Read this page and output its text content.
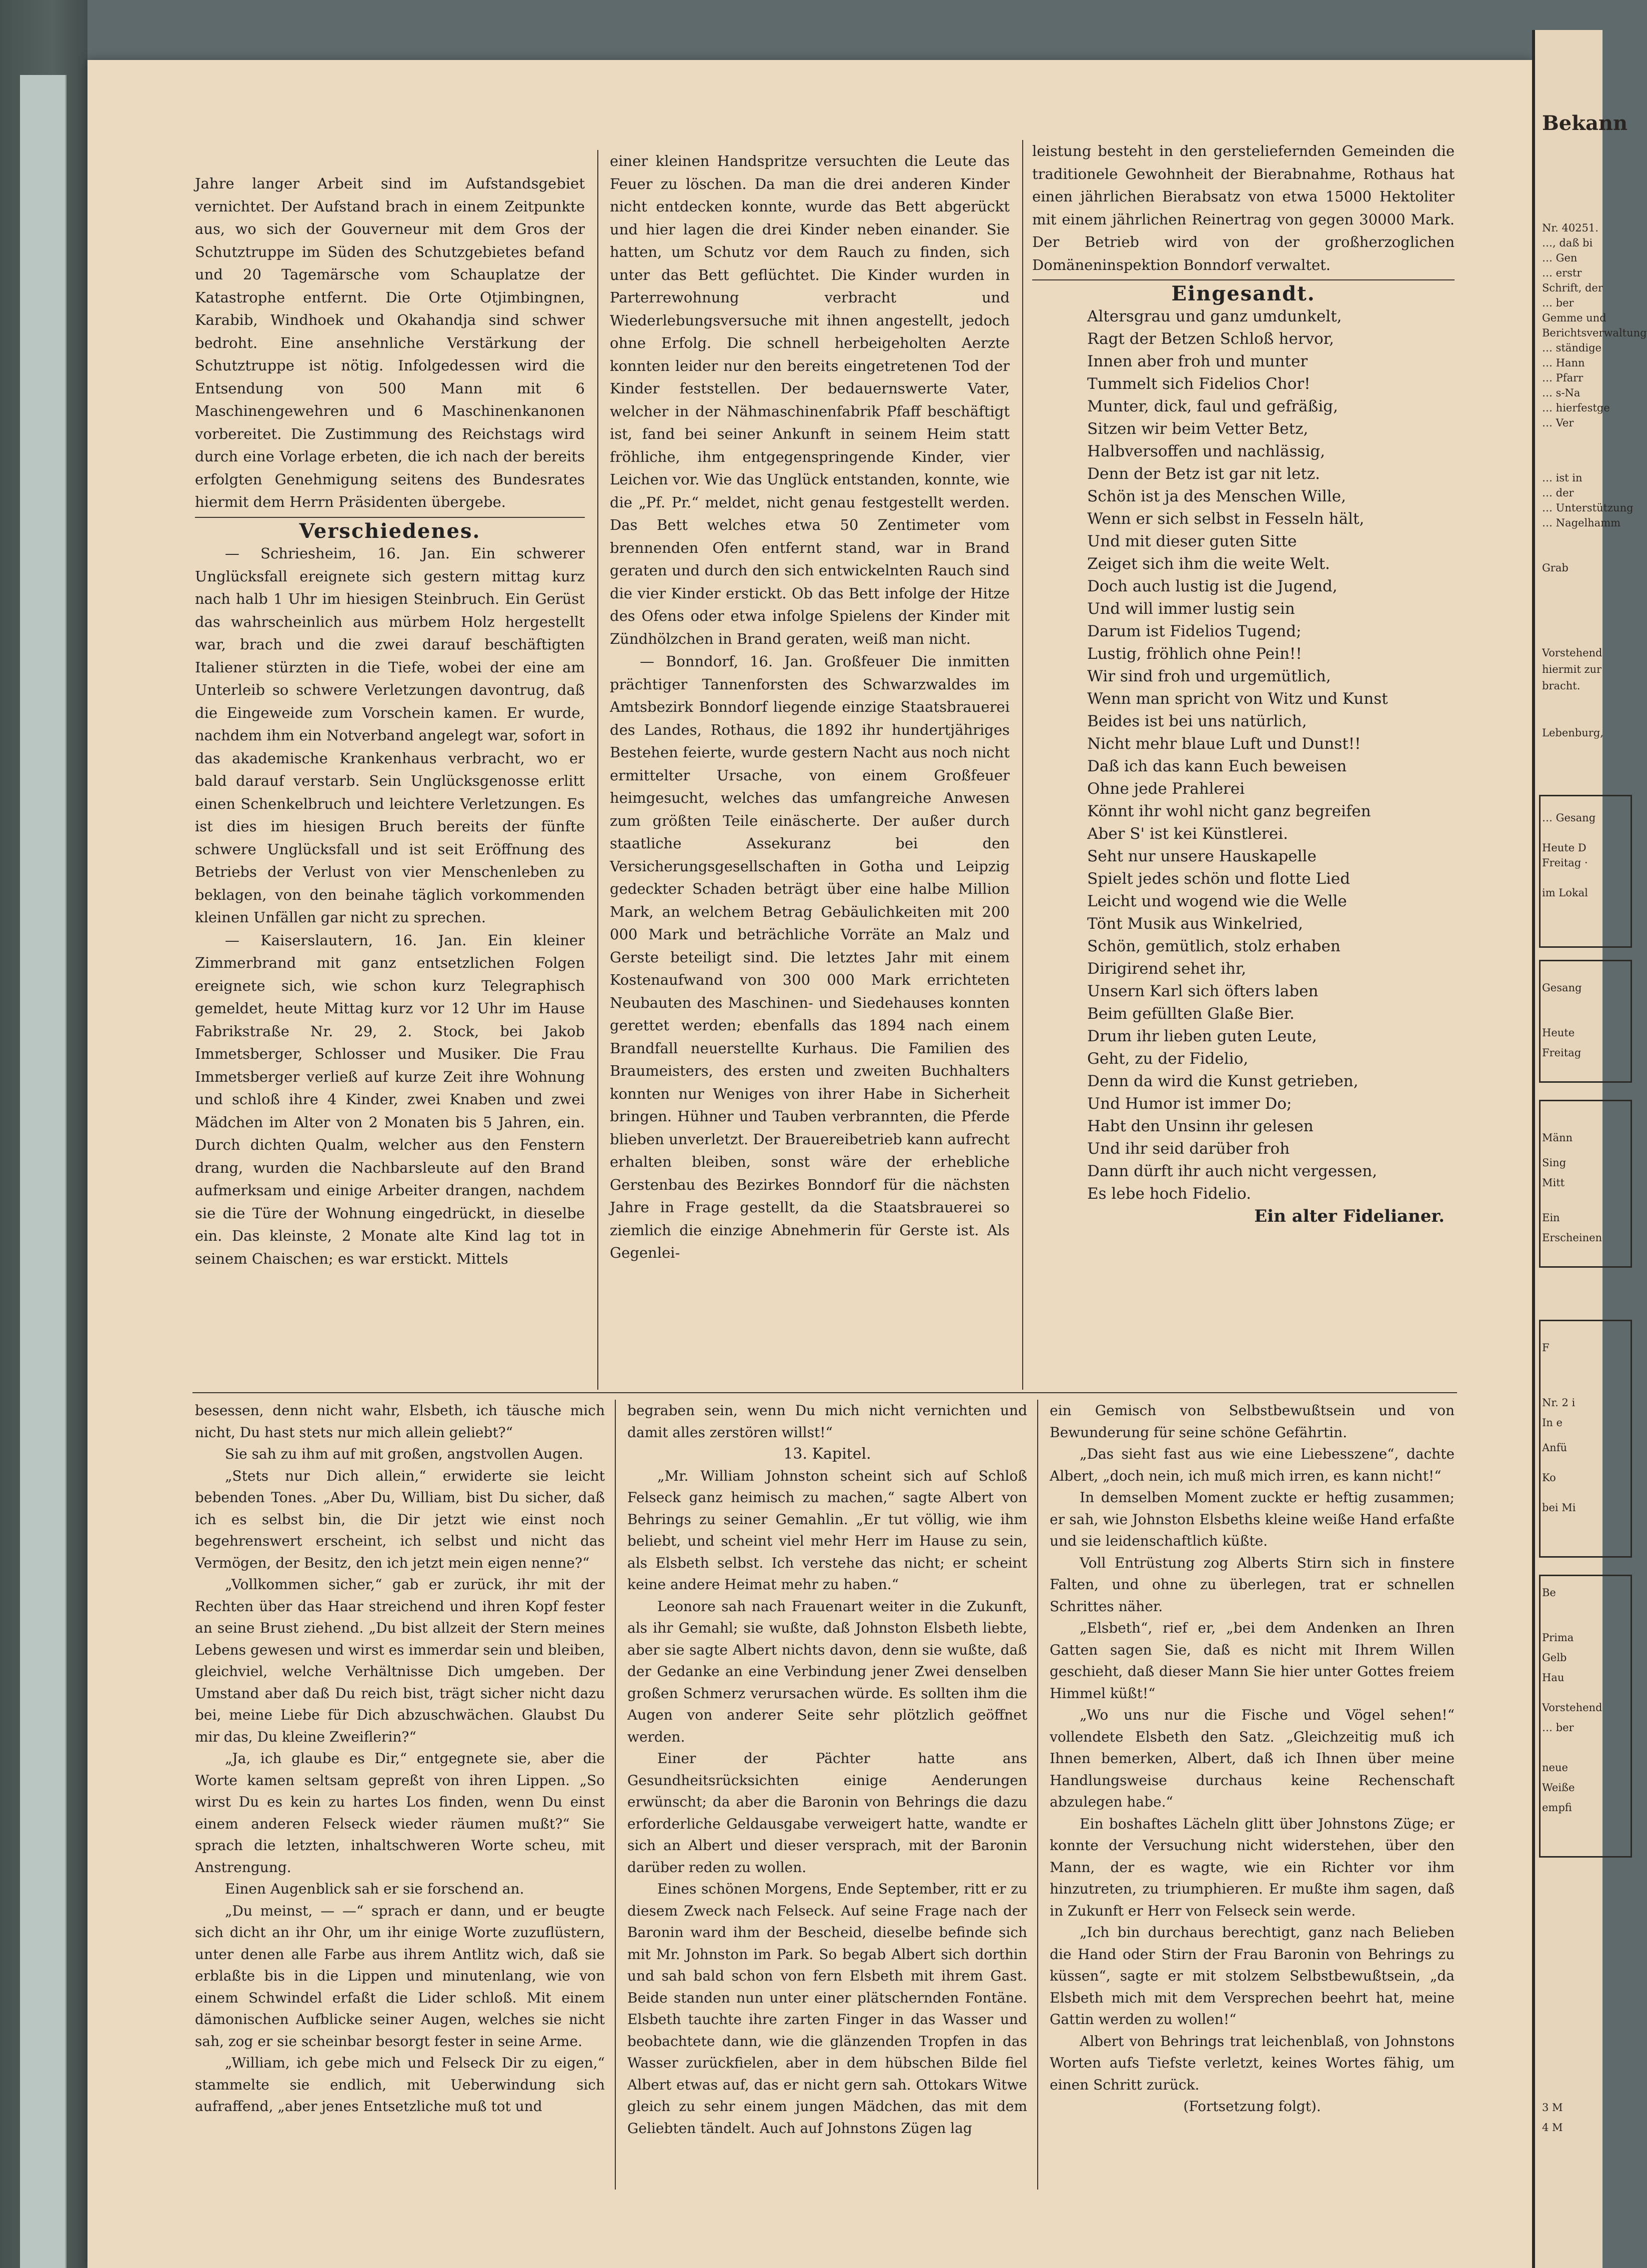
Jahre langer Arbeit sind im Aufstandsgebiet vernichtet. Der Aufstand brach in einem Zeitpunkte aus, wo sich der Gouverneur mit dem Gros der Schutztruppe im Süden des Schutzgebietes befand und 20 Tagemärsche vom Schauplatze der Katastrophe entfernt. Die Orte Otjimbingnen, Karabib, Windhoek und Okahandja sind schwer bedroht. Eine ansehnliche Verstärkung der Schutztruppe ist nötig. Infolgedessen wird die Entsendung von 500 Mann mit 6 Maschinengewehren und 6 Maschinenkanonen vorbereitet. Die Zustimmung des Reichstags wird durch eine Vorlage erbeten, die ich nach der bereits erfolgten Genehmigung seitens des Bundesrates hiermit dem Herrn Präsidenten übergebe.

Verschiedenes.

— Schriesheim, 16. Jan. Ein schwerer Unglücksfall ereignete sich gestern mittag kurz nach halb 1 Uhr im hiesigen Steinbruch. Ein Gerüst das wahrscheinlich aus mürbem Holz hergestellt war, brach und die zwei darauf beschäftigten Italiener stürzten in die Tiefe, wobei der eine am Unterleib so schwere Verletzungen davontrug, daß die Eingeweide zum Vorschein kamen. Er wurde, nachdem ihm ein Notverband angelegt war, sofort in das akademische Krankenhaus verbracht, wo er bald darauf verstarb. Sein Unglücksgenosse erlitt einen Schenkelbruch und leichtere Verletzungen. Es ist dies im hiesigen Bruch bereits der fünfte schwere Unglücksfall und ist seit Eröffnung des Betriebs der Verlust von vier Menschenleben zu beklagen, von den beinahe täglich vorkommenden kleinen Unfällen gar nicht zu sprechen.

— Kaiserslautern, 16. Jan. Ein kleiner Zimmerbrand mit ganz entsetzlichen Folgen ereignete sich, wie schon kurz Telegraphisch gemeldet, heute Mittag kurz vor 12 Uhr im Hause Fabrikstraße Nr. 29, 2. Stock, bei Jakob Immetsberger, Schlosser und Musiker. Die Frau Immetsberger verließ auf kurze Zeit ihre Wohnung und schloß ihre 4 Kinder, zwei Knaben und zwei Mädchen im Alter von 2 Monaten bis 5 Jahren, ein. Durch dichten Qualm, welcher aus den Fenstern drang, wurden die Nachbarsleute auf den Brand aufmerksam und einige Arbeiter drangen, nachdem sie die Türe der Wohnung eingedrückt, in dieselbe ein. Das kleinste, 2 Monate alte Kind lag tot in seinem Chaischen; es war erstickt. Mittels

einer kleinen Handspritze versuchten die Leute das Feuer zu löschen. Da man die drei anderen Kinder nicht entdecken konnte, wurde das Bett abgerückt und hier lagen die drei Kinder neben einander. Sie hatten, um Schutz vor dem Rauch zu finden, sich unter das Bett geflüchtet. Die Kinder wurden in Parterrewohnung verbracht und Wiederlebungsversuche mit ihnen angestellt, jedoch ohne Erfolg. Die schnell herbeigeholten Aerzte konnten leider nur den bereits eingetretenen Tod der Kinder feststellen. Der bedauernswerte Vater, welcher in der Nähmaschinenfabrik Pfaff beschäftigt ist, fand bei seiner Ankunft in seinem Heim statt fröhliche, ihm entgegenspringende Kinder, vier Leichen vor. Wie das Unglück entstanden, konnte, wie die „Pf. Pr.“ meldet, nicht genau festgestellt werden. Das Bett welches etwa 50 Zentimeter vom brennenden Ofen entfernt stand, war in Brand geraten und durch den sich entwickelnten Rauch sind die vier Kinder erstickt. Ob das Bett infolge der Hitze des Ofens oder etwa infolge Spielens der Kinder mit Zündhölzchen in Brand geraten, weiß man nicht.

— Bonndorf, 16. Jan. Großfeuer Die inmitten prächtiger Tannenforsten des Schwarzwaldes im Amtsbezirk Bonndorf liegende einzige Staatsbrauerei des Landes, Rothaus, die 1892 ihr hundertjähriges Bestehen feierte, wurde gestern Nacht aus noch nicht ermittelter Ursache, von einem Großfeuer heimgesucht, welches das umfangreiche Anwesen zum größten Teile einäscherte. Der außer durch staatliche Assekuranz bei den Versicherungsgesellschaften in Gotha und Leipzig gedeckter Schaden beträgt über eine halbe Million Mark, an welchem Betrag Gebäulichkeiten mit 200 000 Mark und beträchliche Vorräte an Malz und Gerste beteiligt sind. Die letztes Jahr mit einem Kostenaufwand von 300 000 Mark errichteten Neubauten des Maschinen- und Siedehauses konnten gerettet werden; ebenfalls das 1894 nach einem Brandfall neuerstellte Kurhaus. Die Familien des Braumeisters, des ersten und zweiten Buchhalters konnten nur Weniges von ihrer Habe in Sicherheit bringen. Hühner und Tauben verbrannten, die Pferde blieben unverletzt. Der Brauereibetrieb kann aufrecht erhalten bleiben, sonst wäre der erhebliche Gerstenbau des Bezirkes Bonndorf für die nächsten Jahre in Frage gestellt, da die Staatsbrauerei so ziemlich die einzige Abnehmerin für Gerste ist. Als Gegenlei-

leistung besteht in den gersteliefernden Gemeinden die traditionele Gewohnheit der Bierabnahme, Rothaus hat einen jährlichen Bierabsatz von etwa 15000 Hektoliter mit einem jährlichen Reinertrag von gegen 30000 Mark. Der Betrieb wird von der großherzoglichen Domäneninspektion Bonndorf verwaltet.

Eingesandt.

Altersgrau und ganz umdunkelt,
Ragt der Betzen Schloß hervor,
Innen aber froh und munter
Tummelt sich Fidelios Chor!
Munter, dick, faul und gefräßig,
Sitzen wir beim Vetter Betz,
Halbversoffen und nachlässig,
Denn der Betz ist gar nit letz.
Schön ist ja des Menschen Wille,
Wenn er sich selbst in Fesseln hält,
Und mit dieser guten Sitte
Zeiget sich ihm die weite Welt.
Doch auch lustig ist die Jugend,
Und will immer lustig sein
Darum ist Fidelios Tugend;
Lustig, fröhlich ohne Pein!!
Wir sind froh und urgemütlich,
Wenn man spricht von Witz und Kunst
Beides ist bei uns natürlich,
Nicht mehr blaue Luft und Dunst!!
Daß ich das kann Euch beweisen
Ohne jede Prahlerei
Könnt ihr wohl nicht ganz begreifen
Aber S' ist kei Künstlerei.
Seht nur unsere Hauskapelle
Spielt jedes schön und flotte Lied
Leicht und wogend wie die Welle
Tönt Musik aus Winkelried,
Schön, gemütlich, stolz erhaben
Dirigirend sehet ihr,
Unsern Karl sich öfters laben
Beim gefüllten Glaße Bier.
Drum ihr lieben guten Leute,
Geht, zu der Fidelio,
Denn da wird die Kunst getrieben,
Und Humor ist immer Do;
Habt den Unsinn ihr gelesen
Und ihr seid darüber froh
Dann dürft ihr auch nicht vergessen,
Es lebe hoch Fidelio.

Ein alter Fidelianer.

besessen, denn nicht wahr, Elsbeth, ich täusche mich nicht, Du hast stets nur mich allein geliebt?“

Sie sah zu ihm auf mit großen, angstvollen Augen.

„Stets nur Dich allein,“ erwiderte sie leicht bebenden Tones. „Aber Du, William, bist Du sicher, daß ich es selbst bin, die Dir jetzt wie einst noch begehrenswert erscheint, ich selbst und nicht das Vermögen, der Besitz, den ich jetzt mein eigen nenne?“

„Vollkommen sicher,“ gab er zurück, ihr mit der Rechten über das Haar streichend und ihren Kopf fester an seine Brust ziehend. „Du bist allzeit der Stern meines Lebens gewesen und wirst es immerdar sein und bleiben, gleichviel, welche Verhältnisse Dich umgeben. Der Umstand aber daß Du reich bist, trägt sicher nicht dazu bei, meine Liebe für Dich abzuschwächen. Glaubst Du mir das, Du kleine Zweiflerin?“

„Ja, ich glaube es Dir,“ entgegnete sie, aber die Worte kamen seltsam gepreßt von ihren Lippen. „So wirst Du es kein zu hartes Los finden, wenn Du einst einem anderen Felseck wieder räumen mußt?“ Sie sprach die letzten, inhaltschweren Worte scheu, mit Anstrengung.

Einen Augenblick sah er sie forschend an.

„Du meinst, — —“ sprach er dann, und er beugte sich dicht an ihr Ohr, um ihr einige Worte zuzuflüstern, unter denen alle Farbe aus ihrem Antlitz wich, daß sie erblaßte bis in die Lippen und minutenlang, wie von einem Schwindel erfaßt die Lider schloß. Mit einem dämonischen Aufblicke seiner Augen, welches sie nicht sah, zog er sie scheinbar besorgt fester in seine Arme.

„William, ich gebe mich und Felseck Dir zu eigen,“ stammelte sie endlich, mit Ueberwindung sich aufraffend, „aber jenes Entsetzliche muß tot und

begraben sein, wenn Du mich nicht vernichten und damit alles zerstören willst!“

13. Kapitel.

„Mr. William Johnston scheint sich auf Schloß Felseck ganz heimisch zu machen,“ sagte Albert von Behrings zu seiner Gemahlin. „Er tut völlig, wie ihm beliebt, und scheint viel mehr Herr im Hause zu sein, als Elsbeth selbst. Ich verstehe das nicht; er scheint keine andere Heimat mehr zu haben.“

Leonore sah nach Frauenart weiter in die Zukunft, als ihr Gemahl; sie wußte, daß Johnston Elsbeth liebte, aber sie sagte Albert nichts davon, denn sie wußte, daß der Gedanke an eine Verbindung jener Zwei denselben großen Schmerz verursachen würde. Es sollten ihm die Augen von anderer Seite sehr plötzlich geöffnet werden.

Einer der Pächter hatte ans Gesundheitsrücksichten einige Aenderungen erwünscht; da aber die Baronin von Behrings die dazu erforderliche Geldausgabe verweigert hatte, wandte er sich an Albert und dieser versprach, mit der Baronin darüber reden zu wollen.

Eines schönen Morgens, Ende September, ritt er zu diesem Zweck nach Felseck. Auf seine Frage nach der Baronin ward ihm der Bescheid, dieselbe befinde sich mit Mr. Johnston im Park. So begab Albert sich dorthin und sah bald schon von fern Elsbeth mit ihrem Gast. Beide standen nun unter einer plätschernden Fontäne. Elsbeth tauchte ihre zarten Finger in das Wasser und beobachtete dann, wie die glänzenden Tropfen in das Wasser zurückfielen, aber in dem hübschen Bilde fiel Albert etwas auf, das er nicht gern sah. Ottokars Witwe gleich zu sehr einem jungen Mädchen, das mit dem Geliebten tändelt. Auch auf Johnstons Zügen lag

ein Gemisch von Selbstbewußtsein und von Bewunderung für seine schöne Gefährtin.

„Das sieht fast aus wie eine Liebesszene“, dachte Albert, „doch nein, ich muß mich irren, es kann nicht!“

In demselben Moment zuckte er heftig zusammen; er sah, wie Johnston Elsbeths kleine weiße Hand erfaßte und sie leidenschaftlich küßte.

Voll Entrüstung zog Alberts Stirn sich in finstere Falten, und ohne zu überlegen, trat er schnellen Schrittes näher.

„Elsbeth“, rief er, „bei dem Andenken an Ihren Gatten sagen Sie, daß es nicht mit Ihrem Willen geschieht, daß dieser Mann Sie hier unter Gottes freiem Himmel küßt!“

„Wo uns nur die Fische und Vögel sehen!“ vollendete Elsbeth den Satz. „Gleichzeitig muß ich Ihnen bemerken, Albert, daß ich Ihnen über meine Handlungsweise durchaus keine Rechenschaft abzulegen habe.“

Ein boshaftes Lächeln glitt über Johnstons Züge; er konnte der Versuchung nicht widerstehen, über den Mann, der es wagte, wie ein Richter vor ihm hinzutreten, zu triumphieren. Er mußte ihm sagen, daß in Zukunft er Herr von Felseck sein werde.

„Ich bin durchaus berechtigt, ganz nach Belieben die Hand oder Stirn der Frau Baronin von Behrings zu küssen“, sagte er mit stolzem Selbstbewußtsein, „da Elsbeth mich mit dem Versprechen beehrt hat, meine Gattin werden zu wollen!“

Albert von Behrings trat leichenblaß, von Johnstons Worten aufs Tiefste verletzt, keines Wortes fähig, um einen Schritt zurück.

(Fortsetzung folgt).

Bekann
Nr. 40251.
…, daß bi
… Gen
… erstr
Schrift, der
… ber
Gemme und
Berichtsverwaltung
… ständige
… Hann
… Pfarr
… s-Na
… hierfestge
… Ver
… ist in
… der
… Unterstützung
… Nagelhamm
Grab
Vorstehend
hiermit zur
bracht.
Lebenburg,
… Gesang
Heute D
Freitag ·
im Lokal
Gesang
Heute
Freitag
Männ
Sing
Mitt
Ein
Erscheinen
F
Nr. 2 i
In e
Anfü
Ko
bei Mi
Be
Prima
Gelb
Hau
Vorstehend
… ber
neue
Weiße
empfi
3 M
4 M
